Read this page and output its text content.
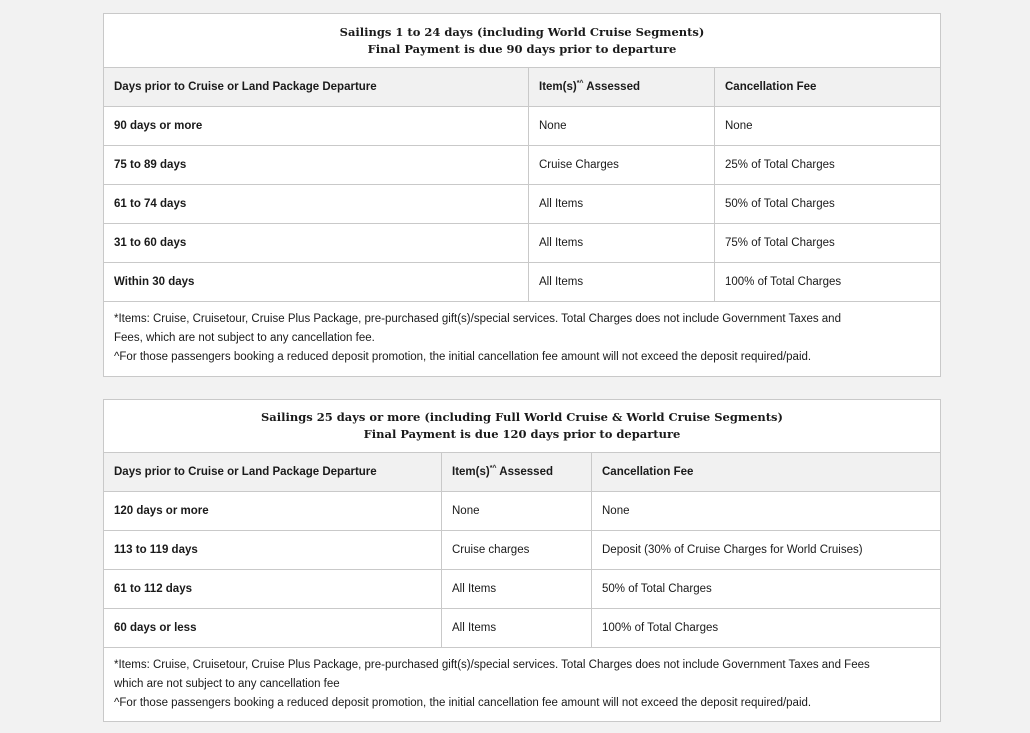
Sailings 1 to 24 days (including World Cruise Segments)
Final Payment is due 90 days prior to departure		

Days prior to Cruise or Land Package Departure	Item(s)*^ Assessed	Cancellation Fee
90 days or more	None	None
75 to 89 days	Cruise Charges	25% of Total Charges
61 to 74 days	All Items	50% of Total Charges
31 to 60 days	All Items	75% of Total Charges
Within 30 days	All Items	100% of Total Charges

*Items: Cruise, Cruisetour, Cruise Plus Package, pre-purchased gift(s)/special services. Total Charges does not include Government Taxes and
Fees, which are not subject to any cancellation fee.
^For those passengers booking a reduced deposit promotion, the initial cancellation fee amount will not exceed the deposit required/paid.		
Sailings 25 days or more (including Full World Cruise & World Cruise Segments)
Final Payment is due 120 days prior to departure		

Days prior to Cruise or Land Package Departure	Item(s)*^ Assessed	Cancellation Fee
120 days or more	None	None
113 to 119 days	Cruise charges	Deposit (30% of Cruise Charges for World Cruises)
61 to 112 days	All Items	50% of Total Charges
60 days or less	All Items	100% of Total Charges

*Items: Cruise, Cruisetour, Cruise Plus Package, pre-purchased gift(s)/special services. Total Charges does not include Government Taxes and Fees
which are not subject to any cancellation fee
^For those passengers booking a reduced deposit promotion, the initial cancellation fee amount will not exceed the deposit required/paid.		
